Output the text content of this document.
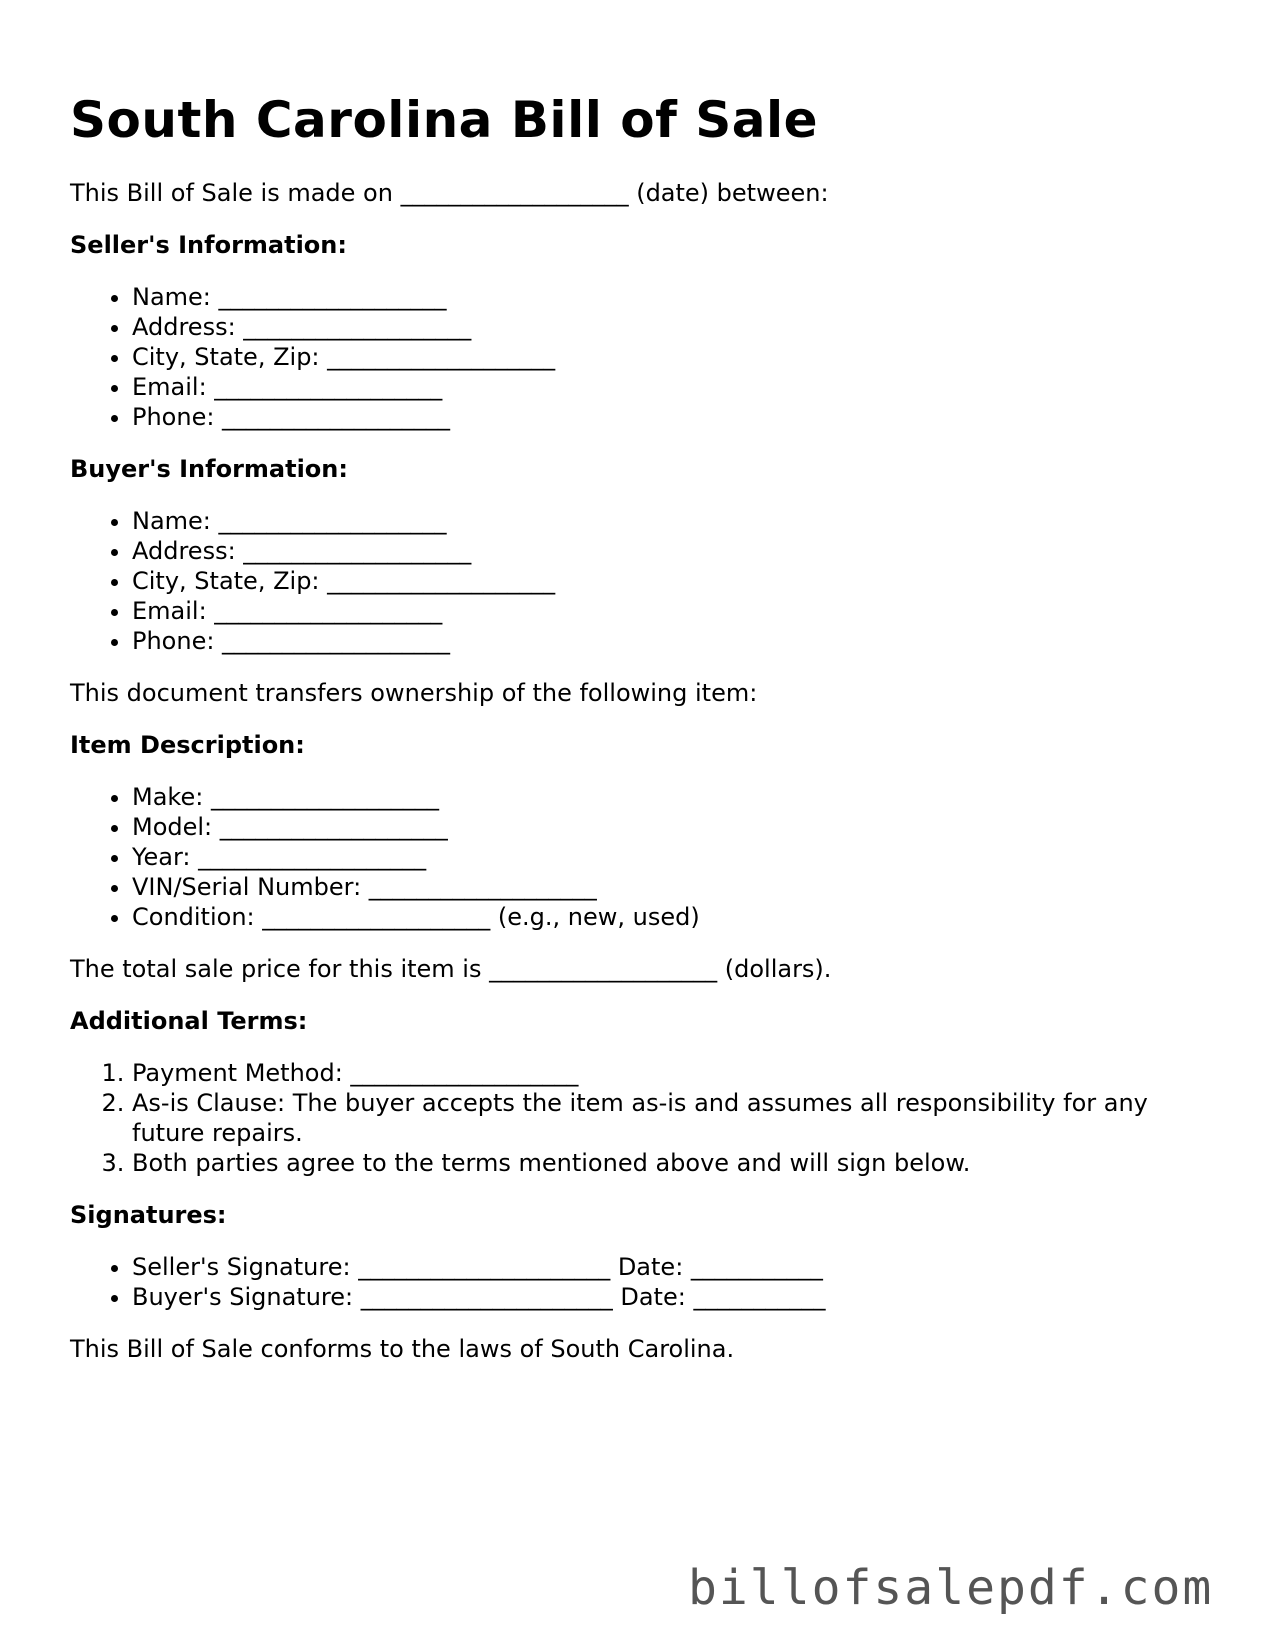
South Carolina Bill of Sale

This Bill of Sale is made on ___________________ (date) between:

Seller's Information:
• Name: ___________________
• Address: ___________________
• City, State, Zip: ___________________
• Email: ___________________
• Phone: ___________________
Buyer's Information:
• Name: ___________________
• Address: ___________________
• City, State, Zip: ___________________
• Email: ___________________
• Phone: ___________________

This document transfers ownership of the following item:

Item Description:
• Make: ___________________
• Model: ___________________
• Year: ___________________
• VIN/Serial Number: ___________________
• Condition: ___________________ (e.g., new, used)

The total sale price for this item is ___________________ (dollars).

Additional Terms:
1. Payment Method: ___________________
2. As-is Clause: The buyer accepts the item as-is and assumes all responsibility for any future repairs.
3. Both parties agree to the terms mentioned above and will sign below.
Signatures:
• Seller's Signature: _____________________ Date: ___________
• Buyer's Signature: _____________________ Date: ___________

This Bill of Sale conforms to the laws of South Carolina.

billofsalepdf.com
